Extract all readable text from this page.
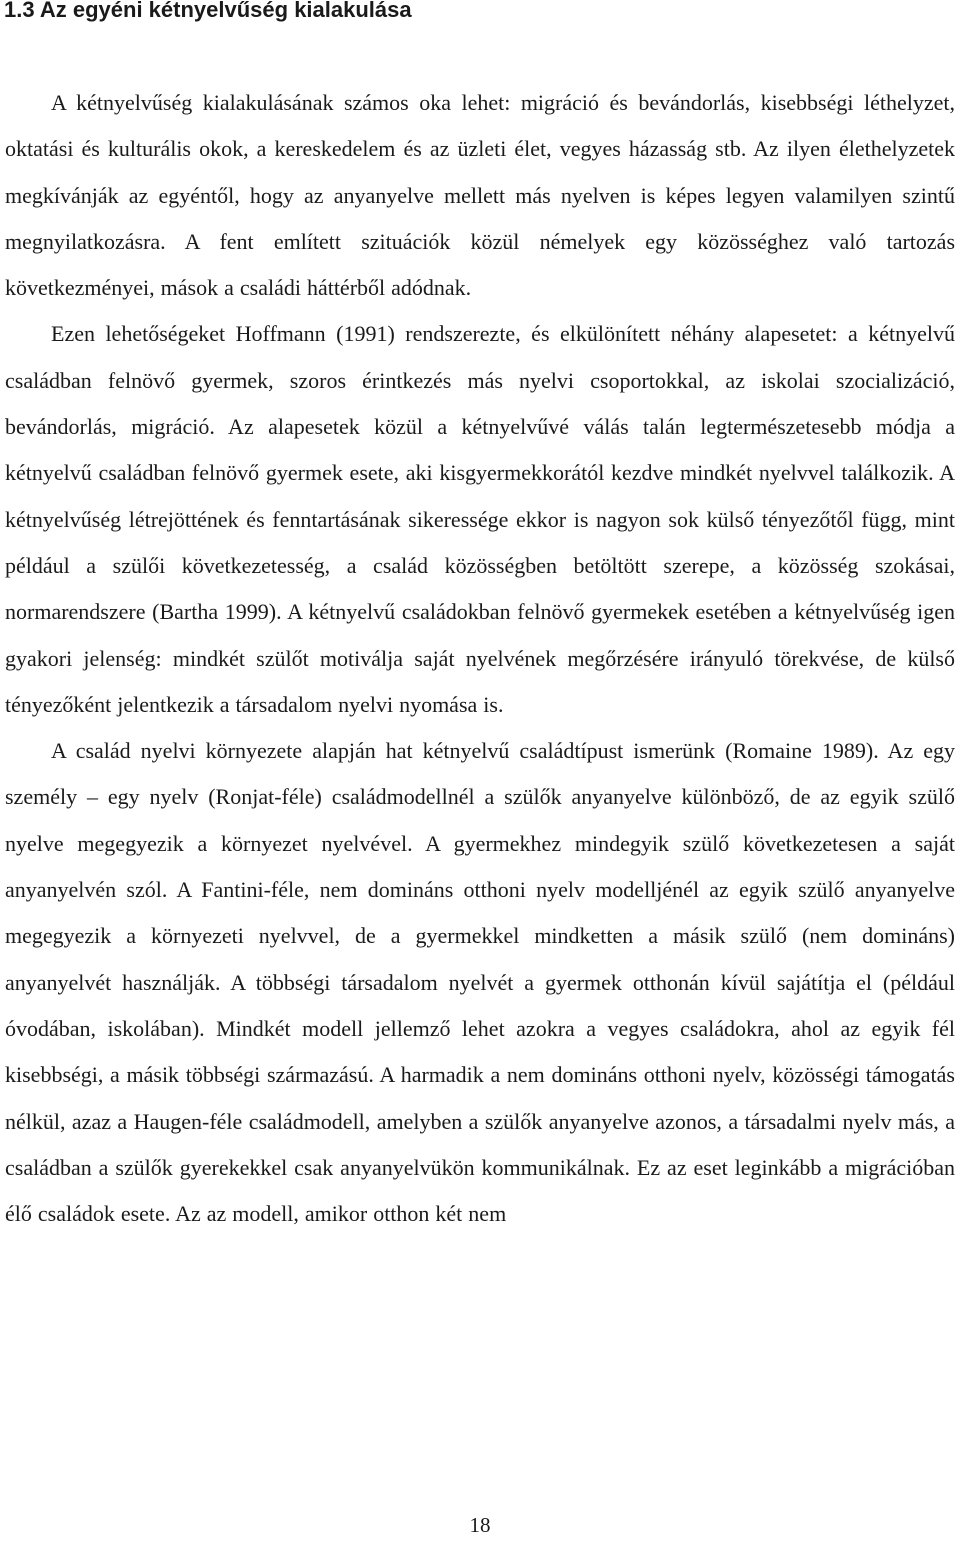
1.3 Az egyéni kétnyelvűség kialakulása

A kétnyelvűség kialakulásának számos oka lehet: migráció és bevándorlás, kisebbségi léthelyzet, oktatási és kulturális okok, a kereskedelem és az üzleti élet, vegyes házasság stb. Az ilyen élethelyzetek megkívánják az egyéntől, hogy az anyanyelve mellett más nyelven is képes legyen valamilyen szintű megnyilatkozásra. A fent említett szituációk közül némelyek egy közösséghez való tartozás következményei, mások a családi háttérből adódnak.

Ezen lehetőségeket Hoffmann (1991) rendszerezte, és elkülönített néhány alapesetet: a kétnyelvű családban felnövő gyermek, szoros érintkezés más nyelvi csoportokkal, az iskolai szocializáció, bevándorlás, migráció. Az alapesetek közül a kétnyelvűvé válás talán legtermészetesebb módja a kétnyelvű családban felnövő gyermek esete, aki kisgyermekkorától kezdve mindkét nyelvvel találkozik. A kétnyelvűség létrejöttének és fenntartásának sikeressége ekkor is nagyon sok külső tényezőtől függ, mint például a szülői következetesség, a család közösségben betöltött szerepe, a közösség szokásai, normarendszere (Bartha 1999). A kétnyelvű családokban felnövő gyermekek esetében a kétnyelvűség igen gyakori jelenség: mindkét szülőt motiválja saját nyelvének megőrzésére irányuló törekvése, de külső tényezőként jelentkezik a társadalom nyelvi nyomása is.

A család nyelvi környezete alapján hat kétnyelvű családtípust ismerünk (Romaine 1989). Az egy személy – egy nyelv (Ronjat-féle) családmodellnél a szülők anyanyelve különböző, de az egyik szülő nyelve megegyezik a környezet nyelvével. A gyermekhez mindegyik szülő következetesen a saját anyanyelvén szól. A Fantini-féle, nem domináns otthoni nyelv modelljénél az egyik szülő anyanyelve megegyezik a környezeti nyelvvel, de a gyermekkel mindketten a másik szülő (nem domináns) anyanyelvét használják. A többségi társadalom nyelvét a gyermek otthonán kívül sajátítja el (például óvodában, iskolában). Mindkét modell jellemző lehet azokra a vegyes családokra, ahol az egyik fél kisebbségi, a másik többségi származású. A harmadik a nem domináns otthoni nyelv, közösségi támogatás nélkül, azaz a Haugen-féle családmodell, amelyben a szülők anyanyelve azonos, a társadalmi nyelv más, a családban a szülők gyerekekkel csak anyanyelvükön kommunikálnak. Ez az eset leginkább a migrációban élő családok esete. Az az modell, amikor otthon két nem

18
